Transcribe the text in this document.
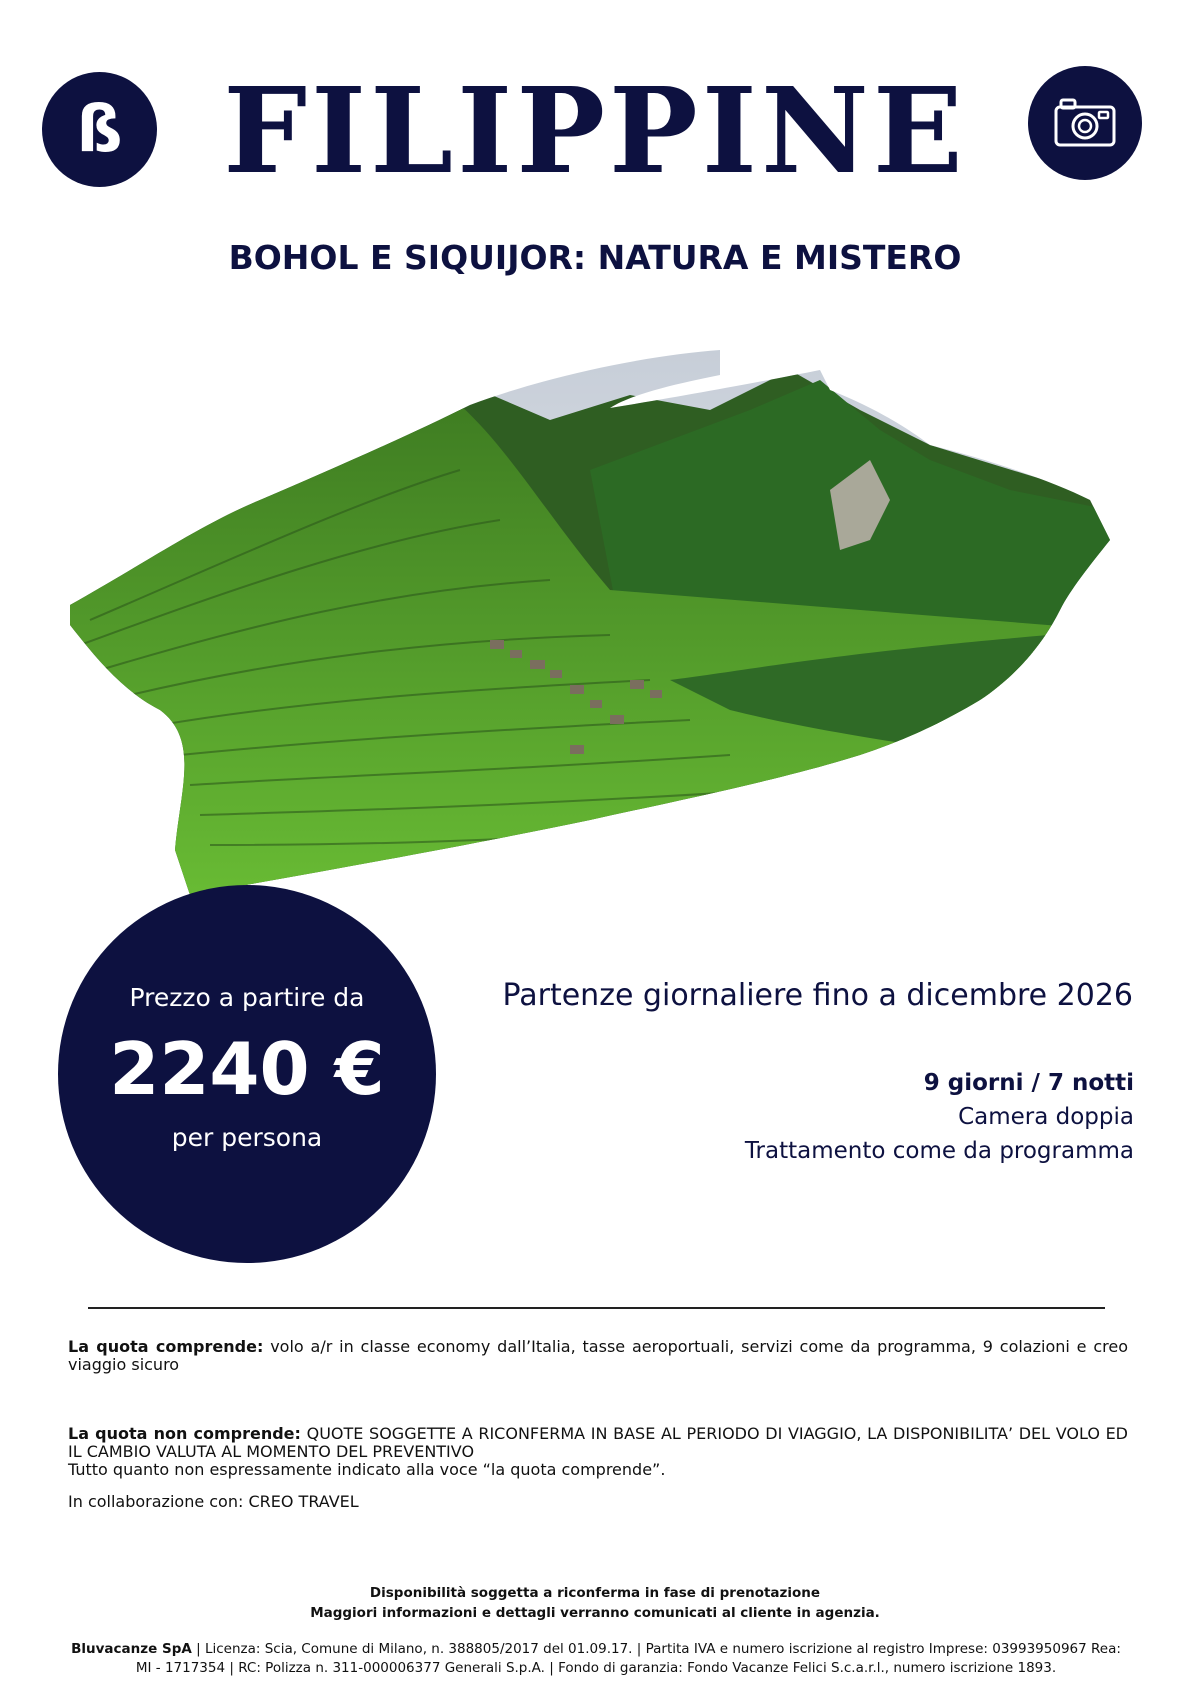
ß FILIPPINE
BOHOL E SIQUIJOR: NATURA E MISTERO
Prezzo a partire da
2240 €
per persona
Partenze giornaliere fino a dicembre 2026
9 giorni / 7 notti
Camera doppia
Trattamento come da programma
La quota comprende: volo a/r in classe economy dall’Italia, tasse aeroportuali, servizi come da programma, 9 colazioni e creo viaggio sicuro
La quota non comprende: QUOTE SOGGETTE A RICONFERMA IN BASE AL PERIODO DI VIAGGIO, LA DISPONIBILITA’ DEL VOLO ED IL CAMBIO VALUTA AL MOMENTO DEL PREVENTIVO
Tutto quanto non espressamente indicato alla voce “la quota comprende”.
In collaborazione con: CREO TRAVEL
Disponibilità soggetta a riconferma in fase di prenotazione
Maggiori informazioni e dettagli verranno comunicati al cliente in agenzia.
Bluvacanze SpA | Licenza: Scia, Comune di Milano, n. 388805/2017 del 01.09.17. | Partita IVA e numero iscrizione al registro Imprese: 03993950967 Rea: MI - 1717354 | RC: Polizza n. 311-000006377 Generali S.p.A. | Fondo di garanzia: Fondo Vacanze Felici S.c.a.r.l., numero iscrizione 1893.
